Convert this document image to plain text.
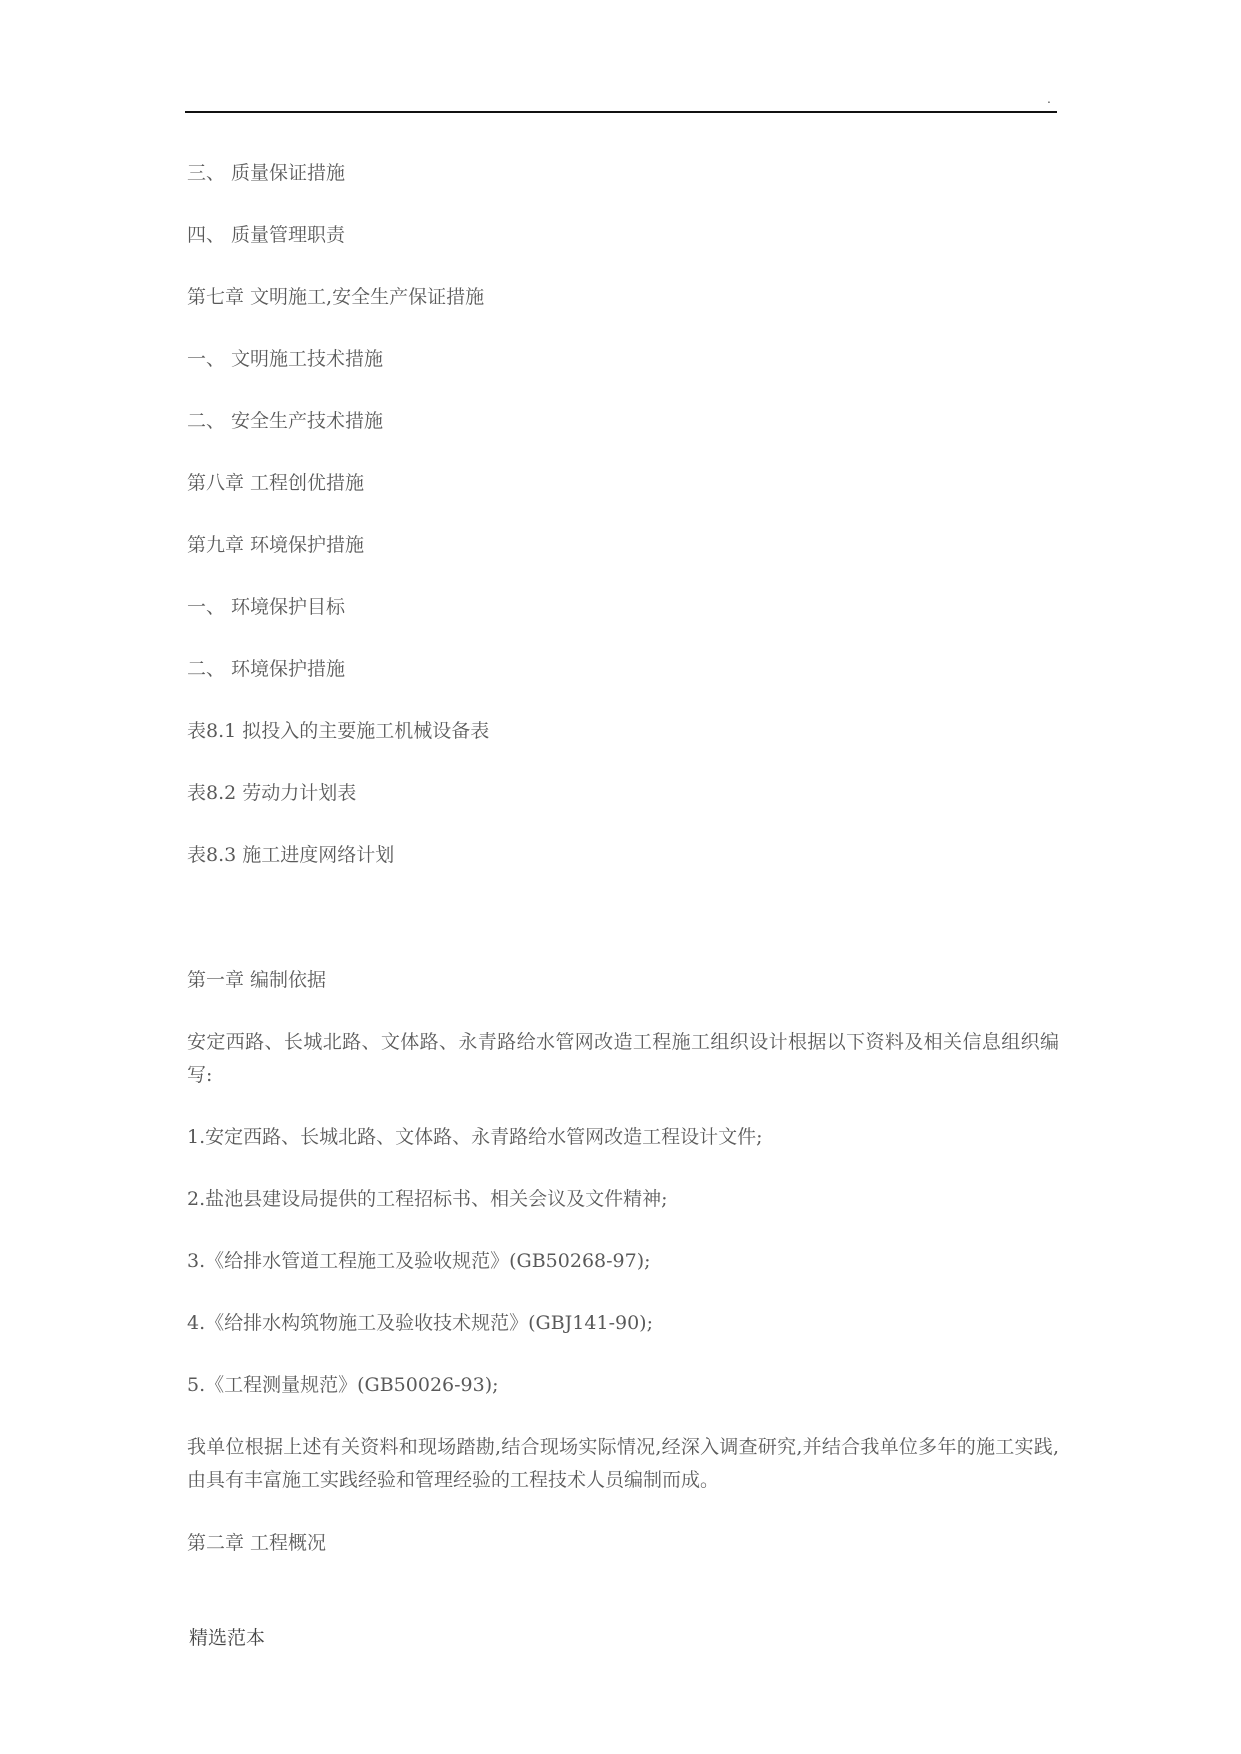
.
三、 质量保证措施
四、 质量管理职责
第七章 文明施工,安全生产保证措施
一、 文明施工技术措施
二、 安全生产技术措施
第八章 工程创优措施
第九章 环境保护措施
一、 环境保护目标
二、 环境保护措施
表8.1 拟投入的主要施工机械设备表
表8.2 劳动力计划表
表8.3 施工进度网络计划
第一章 编制依据
安定西路、长城北路、文体路、永青路给水管网改造工程施工组织设计根据以下资料及相关信息组织编写:
1.安定西路、长城北路、文体路、永青路给水管网改造工程设计文件;
2.盐池县建设局提供的工程招标书、相关会议及文件精神;
3.《给排水管道工程施工及验收规范》(GB50268-97);
4.《给排水构筑物施工及验收技术规范》(GBJ141-90);
5.《工程测量规范》(GB50026-93);
我单位根据上述有关资料和现场踏勘,结合现场实际情况,经深入调查研究,并结合我单位多年的施工实践,由具有丰富施工实践经验和管理经验的工程技术人员编制而成。
第二章 工程概况
精选范本
